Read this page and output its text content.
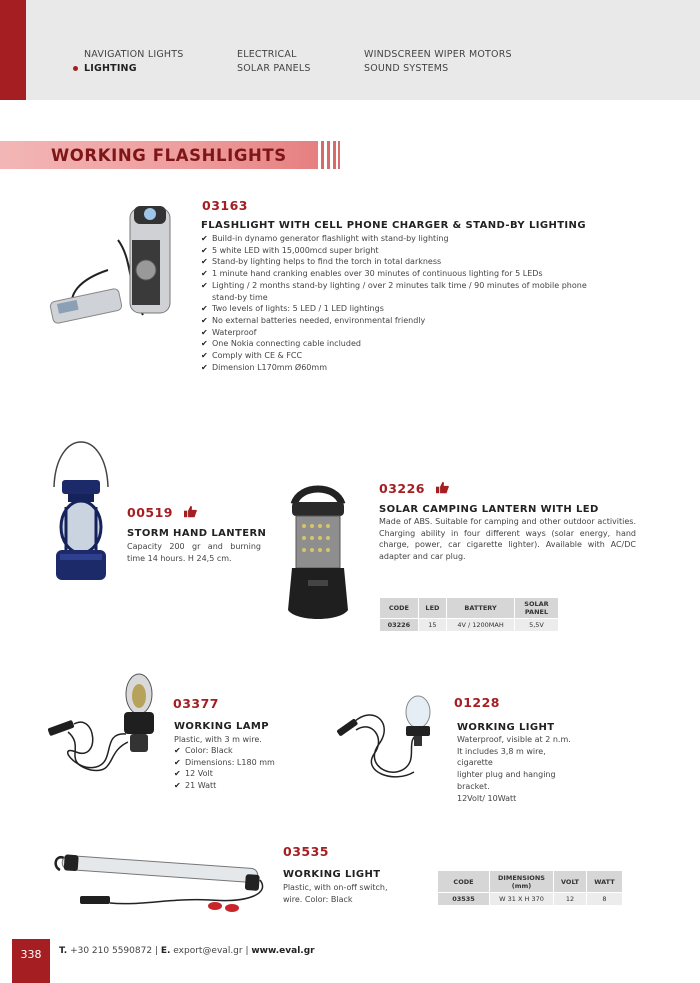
NAVIGATION LIGHTS
LIGHTING
ELECTRICAL
SOLAR PANELS
WINDSCREEN WIPER MOTORS
SOUND SYSTEMS
WORKING FLASHLIGHTS
03163
FLASHLIGHT WITH CELL PHONE CHARGER & STAND-BY LIGHTING
✔ Build-in dynamo generator flashlight with stand-by lighting
✔ 5 white LED with 15,000mcd super bright
✔ Stand-by lighting helps to find the torch in total darkness
✔ 1 minute hand cranking enables over 30 minutes of continuous lighting for 5 LEDs
✔ Lighting / 2 months stand-by lighting / over 2 minutes talk time / 90 minutes of mobile phone stand-by time
✔ Two levels of lights: 5 LED / 1 LED lightings
✔ No external batteries needed, environmental friendly
✔ Waterproof
✔ One Nokia connecting cable included
✔ Comply with CE & FCC
✔ Dimension L170mm Ø60mm
00519
STORM HAND LANTERN
Capacity 200 gr and burning time 14 hours. H 24,5 cm.
03226
SOLAR CAMPING LANTERN WITH LED
Made of ABS. Suitable for camping and other outdoor activities. Charging ability in four different ways (solar energy, hand charge, power, car cigarette lighter). Available with AC/DC adapter and car plug.
CODE	LED	BATTERY	SOLAR PANEL
03226	15	4V / 1200MAH	5,5V
03377
WORKING LAMP
Plastic, with 3 m wire.
✔ Color: Black
✔ Dimensions: L180 mm
✔ 12 Volt
✔ 21 Watt
01228
WORKING LIGHT
Waterproof, visible at 2 n.m.
It includes 3,8 m wire,
cigarette
lighter plug and hanging
bracket.
12Volt/ 10Watt
03535
WORKING LIGHT
Plastic, with on-off switch,
wire. Color: Black
CODE	DIMENSIONS (mm)	VOLT	WATT
03535	W 31 X H 370	12	8
338	T. +30 210 5590872 | E. export@eval.gr | www.eval.gr
